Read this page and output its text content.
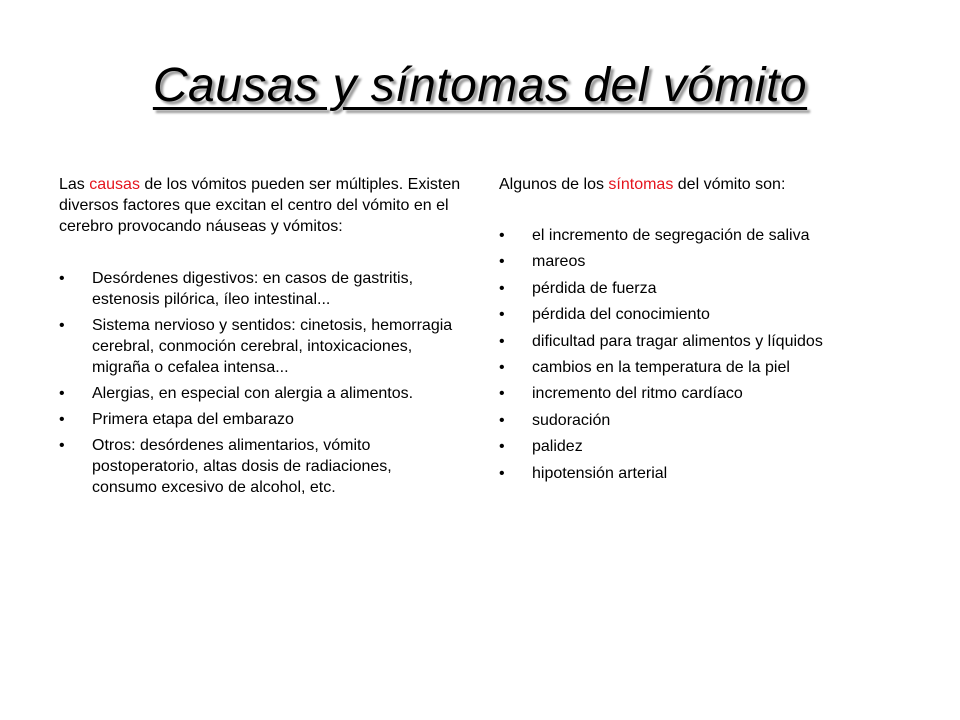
Causas y síntomas del vómito

Las causas de los vómitos pueden ser múltiples. Existen diversos factores que excitan el centro del vómito en el cerebro provocando náuseas y vómitos:

• Desórdenes digestivos: en casos de gastritis, estenosis pilórica, íleo intestinal...
• Sistema nervioso y sentidos: cinetosis, hemorragia cerebral, conmoción cerebral, intoxicaciones, migraña o cefalea intensa...
• Alergias, en especial con alergia a alimentos.
• Primera etapa del embarazo
• Otros: desórdenes alimentarios, vómito postoperatorio, altas dosis de radiaciones, consumo excesivo de alcohol, etc.

Algunos de los síntomas del vómito son:

• el incremento de segregación de saliva
• mareos
• pérdida de fuerza
• pérdida del conocimiento
• dificultad para tragar alimentos y líquidos
• cambios en la temperatura de la piel
• incremento del ritmo cardíaco
• sudoración
• palidez
• hipotensión arterial
